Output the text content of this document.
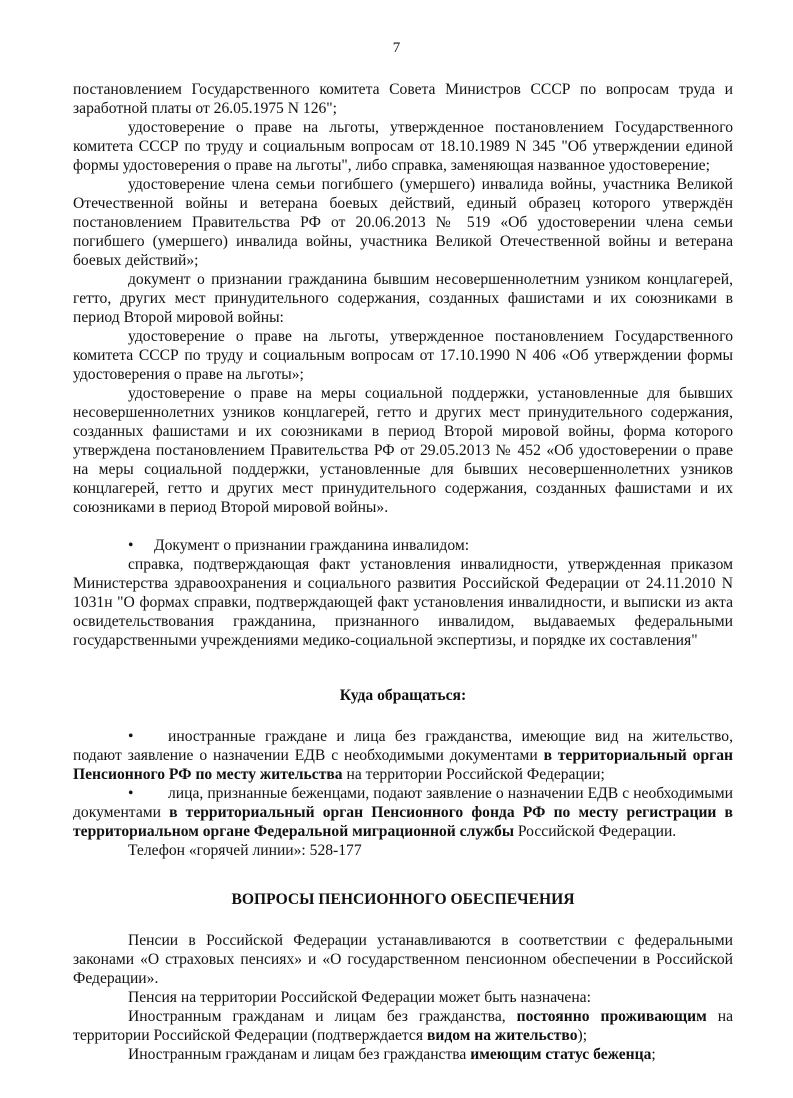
7

постановлением Государственного комитета Совета Министров СССР по вопросам труда и заработной платы от 26.05.1975 N 126";

удостоверение о праве на льготы, утвержденное постановлением Государственного комитета СССР по труду и социальным вопросам от 18.10.1989 N 345 "Об утверждении единой формы удостоверения о праве на льготы", либо справка, заменяющая названное удостоверение;

удостоверение члена семьи погибшего (умершего) инвалида войны, участника Великой Отечественной войны и ветерана боевых действий, единый образец которого утверждён постановлением Правительства РФ от 20.06.2013 № 519 «Об удостоверении члена семьи погибшего (умершего) инвалида войны, участника Великой Отечественной войны и ветерана боевых действий»;

документ о признании гражданина бывшим несовершеннолетним узником концлагерей, гетто, других мест принудительного содержания, созданных фашистами и их союзниками в период Второй мировой войны:

удостоверение о праве на льготы, утвержденное постановлением Государственного комитета СССР по труду и социальным вопросам от 17.10.1990 N 406 «Об утверждении формы удостоверения о праве на льготы»;

удостоверение о праве на меры социальной поддержки, установленные для бывших несовершеннолетних узников концлагерей, гетто и других мест принудительного содержания, созданных фашистами и их союзниками в период Второй мировой войны, форма которого утверждена постановлением Правительства РФ от 29.05.2013 № 452 «Об удостоверении о праве на меры социальной поддержки, установленные для бывших несовершеннолетних узников концлагерей, гетто и других мест принудительного содержания, созданных фашистами и их союзниками в период Второй мировой войны».

• Документ о признании гражданина инвалидом:

справка, подтверждающая факт установления инвалидности, утвержденная приказом Министерства здравоохранения и социального развития Российской Федерации от 24.11.2010 N 1031н "О формах справки, подтверждающей факт установления инвалидности, и выписки из акта освидетельствования гражданина, признанного инвалидом, выдаваемых федеральными государственными учреждениями медико-социальной экспертизы, и порядке их составления"

Куда обращаться:

• иностранные граждане и лица без гражданства, имеющие вид на жительство, подают заявление о назначении ЕДВ с необходимыми документами в территориальный орган Пенсионного РФ по месту жительства на территории Российской Федерации;

• лица, признанные беженцами, подают заявление о назначении ЕДВ с необходимыми документами в территориальный орган Пенсионного фонда РФ по месту регистрации в территориальном органе Федеральной миграционной службы Российской Федерации.

Телефон «горячей линии»: 528-177

ВОПРОСЫ ПЕНСИОННОГО ОБЕСПЕЧЕНИЯ

Пенсии в Российской Федерации устанавливаются в соответствии с федеральными законами «О страховых пенсиях» и «О государственном пенсионном обеспечении в Российской Федерации».

Пенсия на территории Российской Федерации может быть назначена:

Иностранным гражданам и лицам без гражданства, постоянно проживающим на территории Российской Федерации (подтверждается видом на жительство);

Иностранным гражданам и лицам без гражданства имеющим статус беженца;
